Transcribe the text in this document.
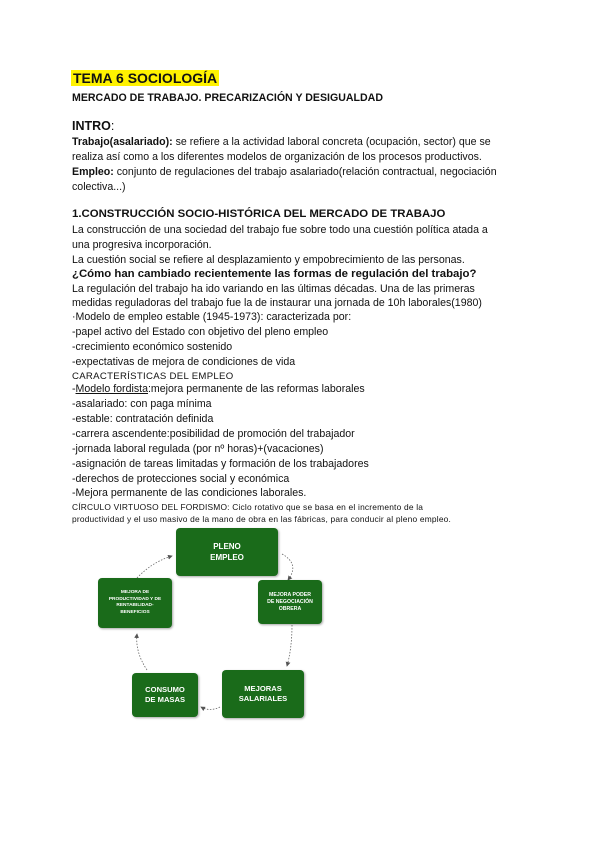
TEMA 6 SOCIOLOGÍA
MERCADO DE TRABAJO. PRECARIZACIÓN Y DESIGUALDAD
INTRO:
Trabajo(asalariado): se refiere a la actividad laboral concreta (ocupación, sector) que se
realiza así como a los diferentes modelos de organización de los procesos productivos.
Empleo: conjunto de regulaciones del trabajo asalariado(relación contractual, negociación
colectiva...)
1.CONSTRUCCIÓN SOCIO-HISTÓRICA DEL MERCADO DE TRABAJO
La construcción de una sociedad del trabajo fue sobre todo una cuestión política atada a
una progresiva incorporación.
La cuestión social se refiere al desplazamiento y empobrecimiento de las personas.
¿Cómo han cambiado recientemente las formas de regulación del trabajo?
La regulación del trabajo ha ido variando en las últimas décadas. Una de las primeras
medidas reguladoras del trabajo fue la de instaurar una jornada de 10h laborales(1980)
·Modelo de empleo estable (1945-1973): caracterizada por:
-papel activo del Estado con objetivo del pleno empleo
-crecimiento económico sostenido
-expectativas de mejora de condiciones de vida
CARACTERÍSTICAS DEL EMPLEO
-Modelo fordista:mejora permanente de las reformas laborales
-asalariado: con paga mínima
-estable: contratación definida
-carrera ascendente:posibilidad de promoción del trabajador
-jornada laboral regulada (por nº horas)+(vacaciones)
-asignación de tareas limitadas y formación de los trabajadores
-derechos de protecciones social y económica
-Mejora permanente de las condiciones laborales.
CÍRCULO VIRTUOSO DEL FORDISMO: Ciclo rotativo que se basa en el incremento de la
productividad y el uso masivo de la mano de obra en las fábricas, para conducir al pleno empleo.
PLENO
EMPLEO
MEJORA PODER
DE NEGOCIACIÓN
OBRERA
MEJORAS
SALARIALES
CONSUMO
DE MASAS
MEJORA DE
PRODUCTIVIDAD Y DE
RENTABILIDAD-
BENEFICIOS
